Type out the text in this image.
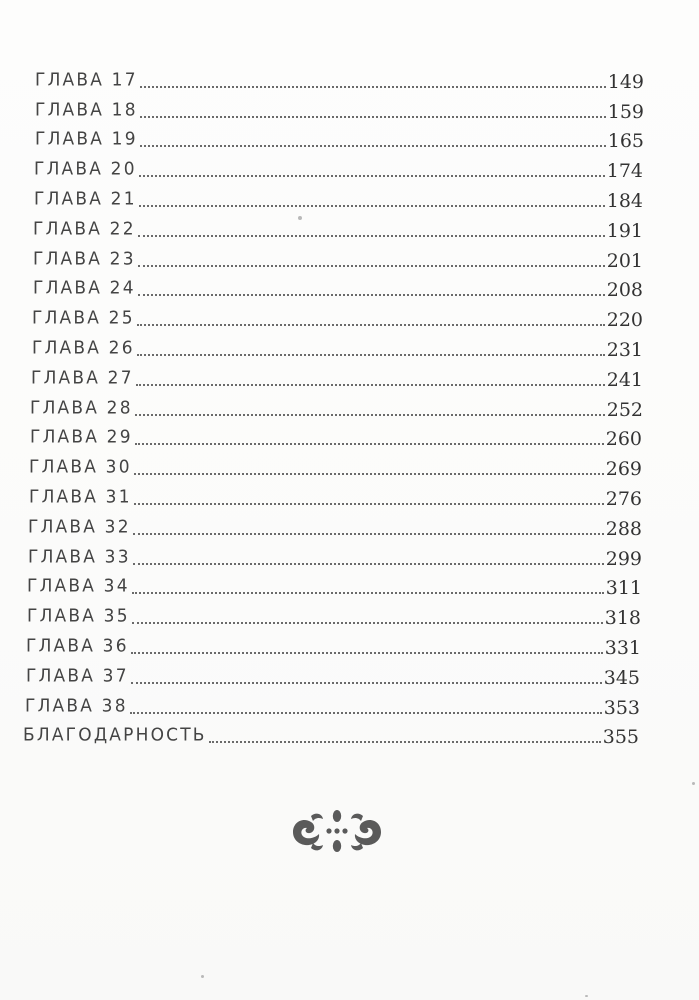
ГЛАВА 17	149
ГЛАВА 18	159
ГЛАВА 19	165
ГЛАВА 20	174
ГЛАВА 21	184
ГЛАВА 22	191
ГЛАВА 23	201
ГЛАВА 24	208
ГЛАВА 25	220
ГЛАВА 26	231
ГЛАВА 27	241
ГЛАВА 28	252
ГЛАВА 29	260
ГЛАВА 30	269
ГЛАВА 31	276
ГЛАВА 32	288
ГЛАВА 33	299
ГЛАВА 34	311
ГЛАВА 35	318
ГЛАВА 36	331
ГЛАВА 37	345
ГЛАВА 38	353
БЛАГОДАРНОСТЬ	355
